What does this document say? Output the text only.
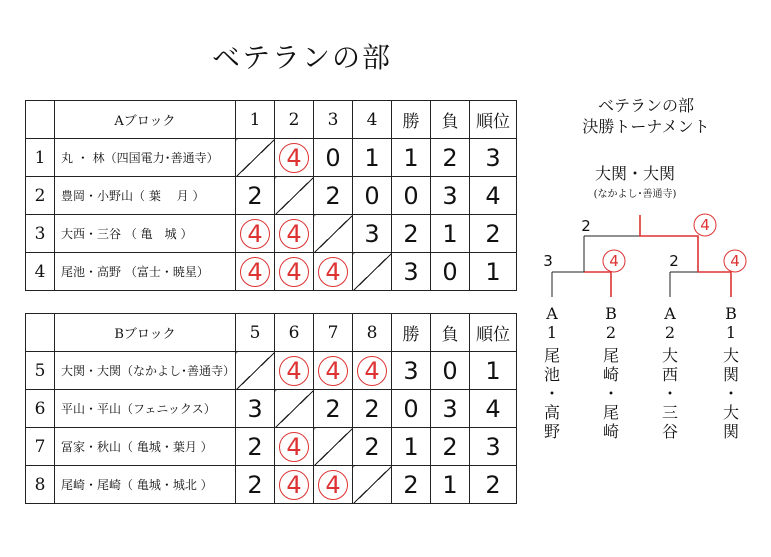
ベテランの部
	Aブロック	1	2	3	4	勝	負	順位
1	丸 ・ 林（四国電力･善通寺）		4	0	1	1	2	3
2	豊岡・小野山（ 葉　 月 ）	2		2	0	0	3	4
3	大西・三谷 （ 亀　城 ）	4	4		3	2	1	2
4	尾池・高野 （富士・暁星）	4	4	4		3	0	1
	Bブロック	5	6	7	8	勝	負	順位
5	大関・大関（なかよし･善通寺）		4	4	4	3	0	1
6	平山・平山（フェニックス）	3		2	2	0	3	4
7	冨家・秋山（ 亀城・葉月 ）	2	4		2	1	2	3
8	尾崎・尾崎（ 亀城・城北 ）	2	4	4		2	1	2
ベテランの部
決勝トーナメント
大関・大関
(なかよし･善通寺)
2	4
3	4	2	4
A
1
B
2
A
2
B
1
尾
池
・
高
野
尾
崎
・
尾
崎
大
西
・
三
谷
大
関
・
大
関
